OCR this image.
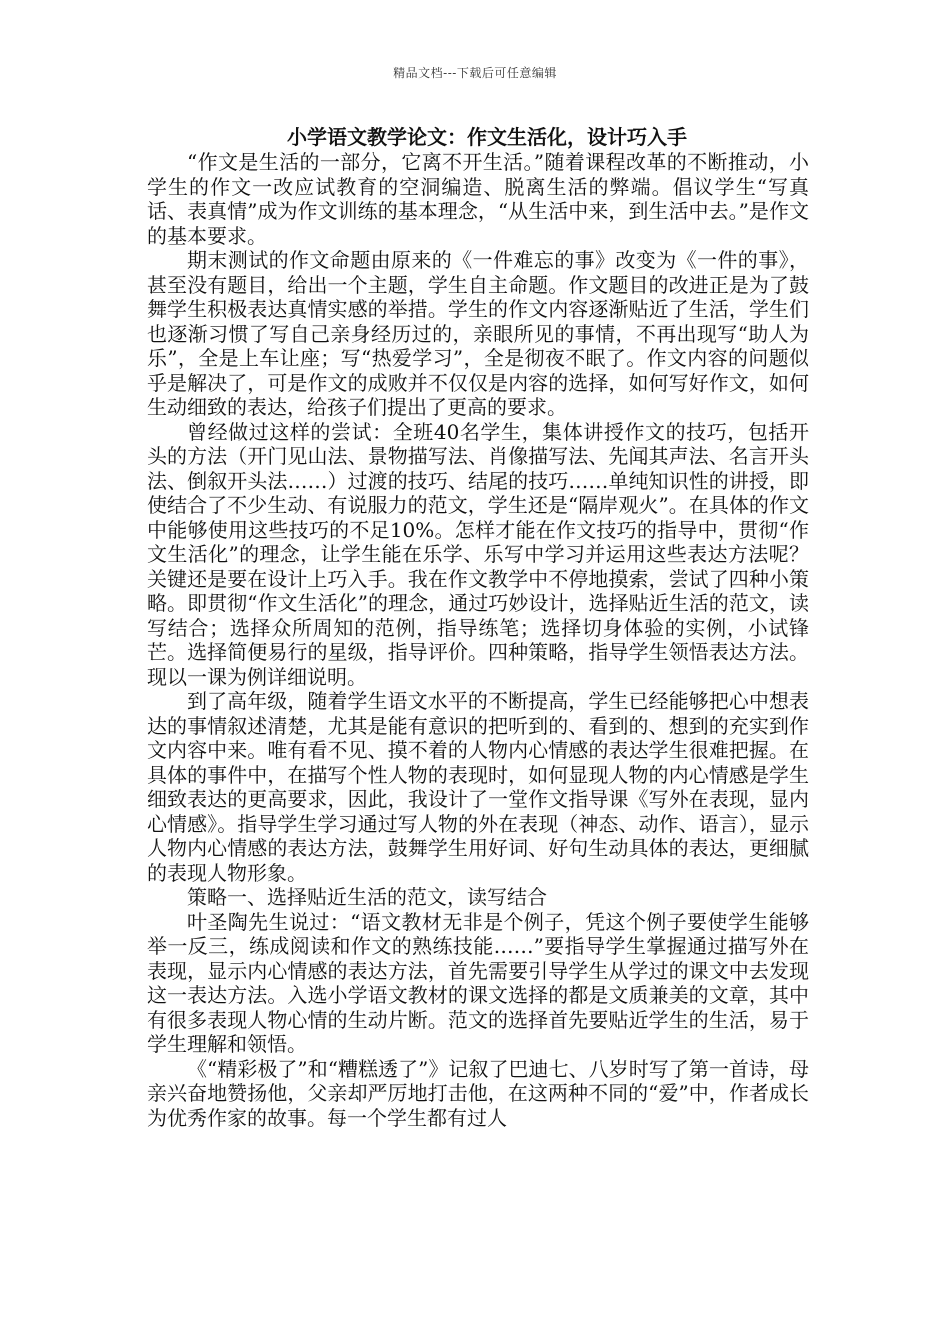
精品文档---下载后可任意编辑
小学语文教学论文：作文生活化，设计巧入手

“作文是生活的一部分，它离不开生活。”随着课程改革的不断推动，小学生的作文一改应试教育的空洞编造、脱离生活的弊端。倡议学生“写真话、表真情”成为作文训练的基本理念，“从生活中来，到生活中去。”是作文的基本要求。

期末测试的作文命题由原来的《一件难忘的事》改变为《一件的事》，甚至没有题目，给出一个主题，学生自主命题。作文题目的改进正是为了鼓舞学生积极表达真情实感的举措。学生的作文内容逐渐贴近了生活，学生们也逐渐习惯了写自己亲身经历过的，亲眼所见的事情，不再出现写“助人为乐”，全是上车让座；写“热爱学习”，全是彻夜不眠了。作文内容的问题似乎是解决了，可是作文的成败并不仅仅是内容的选择，如何写好作文，如何生动细致的表达，给孩子们提出了更高的要求。

曾经做过这样的尝试：全班40名学生，集体讲授作文的技巧，包括开头的方法（开门见山法、景物描写法、肖像描写法、先闻其声法、名言开头法、倒叙开头法……）过渡的技巧、结尾的技巧……单纯知识性的讲授，即使结合了不少生动、有说服力的范文，学生还是“隔岸观火”。在具体的作文中能够使用这些技巧的不足10%。怎样才能在作文技巧的指导中，贯彻“作文生活化”的理念，让学生能在乐学、乐写中学习并运用这些表达方法呢？关键还是要在设计上巧入手。我在作文教学中不停地摸索，尝试了四种小策略。即贯彻“作文生活化”的理念，通过巧妙设计，选择贴近生活的范文，读写结合；选择众所周知的范例，指导练笔；选择切身体验的实例，小试锋芒。选择简便易行的星级，指导评价。四种策略，指导学生领悟表达方法。现以一课为例详细说明。

到了高年级，随着学生语文水平的不断提高，学生已经能够把心中想表达的事情叙述清楚，尤其是能有意识的把听到的、看到的、想到的充实到作文内容中来。唯有看不见、摸不着的人物内心情感的表达学生很难把握。在具体的事件中，在描写个性人物的表现时，如何显现人物的内心情感是学生细致表达的更高要求，因此，我设计了一堂作文指导课《写外在表现，显内心情感》。指导学生学习通过写人物的外在表现（神态、动作、语言），显示人物内心情感的表达方法，鼓舞学生用好词、好句生动具体的表达，更细腻的表现人物形象。

策略一、选择贴近生活的范文，读写结合

叶圣陶先生说过：“语文教材无非是个例子，凭这个例子要使学生能够举一反三，练成阅读和作文的熟练技能……”要指导学生掌握通过描写外在表现，显示内心情感的表达方法，首先需要引导学生从学过的课文中去发现这一表达方法。入选小学语文教材的课文选择的都是文质兼美的文章，其中有很多表现人物心情的生动片断。范文的选择首先要贴近学生的生活，易于学生理解和领悟。

《“精彩极了”和“糟糕透了”》记叙了巴迪七、八岁时写了第一首诗，母亲兴奋地赞扬他，父亲却严厉地打击他，在这两种不同的“爱”中，作者成长为优秀作家的故事。每一个学生都有过人
